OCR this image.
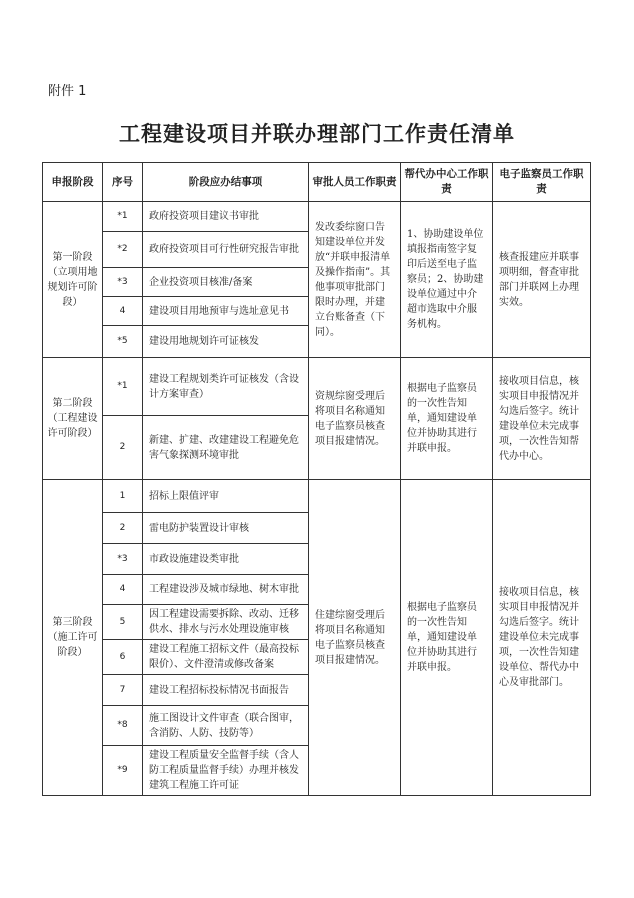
附件 1
工程建设项目并联办理部门工作责任清单
申报阶段	序号	阶段应办结事项	审批人员工作职责	帮代办中心工作职责	电子监察员工作职责
第一阶段（立项用地规划许可阶段）	*1	政府投资项目建议书审批	发改委综窗口告知建设单位并发放“并联申报清单及操作指南”。其他事项审批部门限时办理，并建立台账备查（下同）。	1、协助建设单位填报指南签字复印后送至电子监察员；2、协助建设单位通过中介超市选取中介服务机构。	核查报建应并联事项明细，督查审批部门并联网上办理实效。
	*2	政府投资项目可行性研究报告审批			
	*3	企业投资项目核准/备案			
	4	建设项目用地预审与选址意见书			
	*5	建设用地规划许可证核发			
第二阶段（工程建设许可阶段）	*1	建设工程规划类许可证核发（含设计方案审查）	资规综窗受理后将项目名称通知电子监察员核查项目报建情况。	根据电子监察员的一次性告知单，通知建设单位并协助其进行并联申报。	接收项目信息，核实项目申报情况并勾选后签字。统计建设单位未完成事项，一次性告知帮代办中心。
	2	新建、扩建、改建建设工程避免危害气象探测环境审批			
第三阶段（施工许可阶段）	1	招标上限值评审	住建综窗受理后将项目名称通知电子监察员核查项目报建情况。	根据电子监察员的一次性告知单，通知建设单位并协助其进行并联申报。	接收项目信息，核实项目申报情况并勾选后签字。统计建设单位未完成事项，一次性告知建设单位、帮代办中心及审批部门。
	2	雷电防护装置设计审核			
	*3	市政设施建设类审批			
	4	工程建设涉及城市绿地、树木审批			
	5	因工程建设需要拆除、改动、迁移供水、排水与污水处理设施审核			
	6	建设工程施工招标文件（最高投标限价）、文件澄清或修改备案			
	7	建设工程招标投标情况书面报告			
	*8	施工图设计文件审查（联合图审，含消防、人防、技防等）			
	*9	建设工程质量安全监督手续（含人防工程质量监督手续）办理并核发建筑工程施工许可证			
